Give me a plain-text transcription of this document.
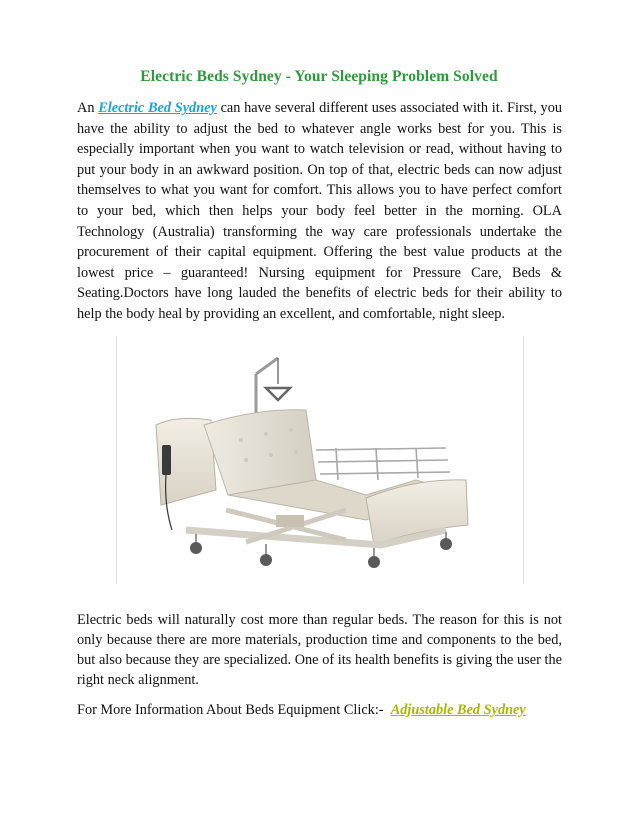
Electric Beds Sydney - Your Sleeping Problem Solved

An Electric Bed Sydney can have several different uses associated with it. First, you have the ability to adjust the bed to whatever angle works best for you. This is especially important when you want to watch television or read, without having to put your body in an awkward position. On top of that, electric beds can now adjust themselves to what you want for comfort. This allows you to have perfect comfort to your bed, which then helps your body feel better in the morning. OLA Technology (Australia) transforming the way care professionals undertake the procurement of their capital equipment. Offering the best value products at the lowest price – guaranteed! Nursing equipment for Pressure Care, Beds & Seating.Doctors have long lauded the benefits of electric beds for their ability to help the body heal by providing an excellent, and comfortable, night sleep.

Electric beds will naturally cost more than regular beds. The reason for this is not only because there are more materials, production time and components to the bed, but also because they are specialized. One of its health benefits is giving the user the right neck alignment.

For More Information About Beds Equipment Click:- Adjustable Bed Sydney
